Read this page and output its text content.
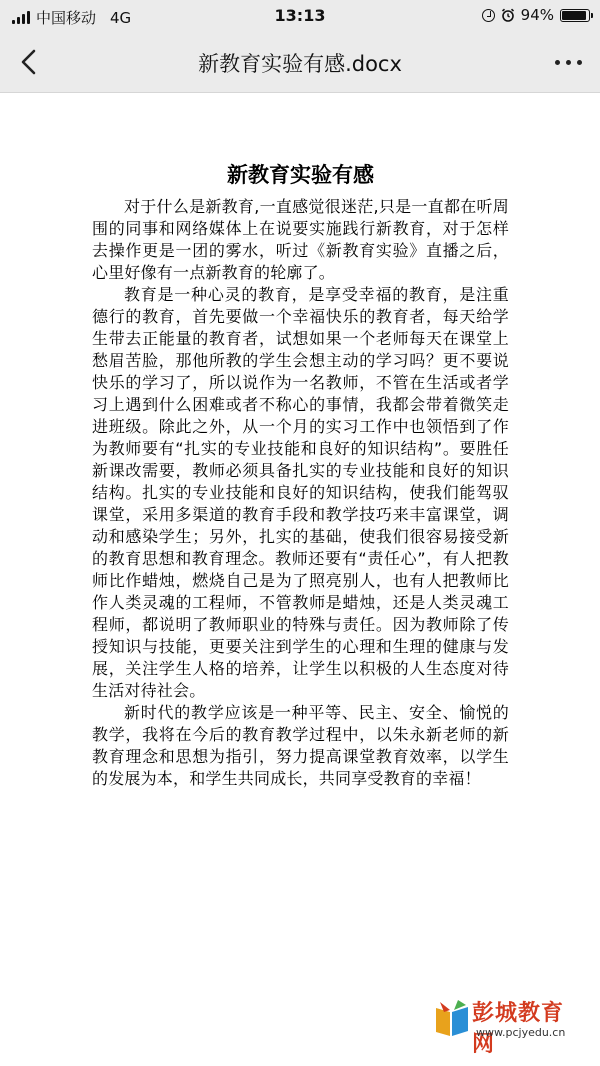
中国移动 4G	13:13	94%
新教育实验有感.docx
新教育实验有感

对于什么是新教育,一直感觉很迷茫,只是一直都在听周围的同事和网络媒体上在说要实施践行新教育，对于怎样去操作更是一团的雾水，听过《新教育实验》直播之后，心里好像有一点新教育的轮廓了。

教育是一种心灵的教育，是享受幸福的教育，是注重德行的教育，首先要做一个幸福快乐的教育者，每天给学生带去正能量的教育者，试想如果一个老师每天在课堂上愁眉苦脸，那他所教的学生会想主动的学习吗？更不要说快乐的学习了，所以说作为一名教师，不管在生活或者学习上遇到什么困难或者不称心的事情，我都会带着微笑走进班级。除此之外，从一个月的实习工作中也领悟到了作为教师要有“扎实的专业技能和良好的知识结构”。要胜任新课改需要，教师必须具备扎实的专业技能和良好的知识结构。扎实的专业技能和良好的知识结构，使我们能驾驭课堂，采用多渠道的教育手段和教学技巧来丰富课堂，调动和感染学生；另外，扎实的基础，使我们很容易接受新的教育思想和教育理念。教师还要有“责任心”，有人把教师比作蜡烛，燃烧自己是为了照亮别人，也有人把教师比作人类灵魂的工程师，不管教师是蜡烛，还是人类灵魂工程师，都说明了教师职业的特殊与责任。因为教师除了传授知识与技能，更要关注到学生的心理和生理的健康与发展，关注学生人格的培养，让学生以积极的人生态度对待生活对待社会。

新时代的教学应该是一种平等、民主、安全、愉悦的教学，我将在今后的教育教学过程中，以朱永新老师的新教育理念和思想为指引，努力提高课堂教育效率，以学生的发展为本，和学生共同成长，共同享受教育的幸福！

彭城教育网
www.pcjyedu.cn
